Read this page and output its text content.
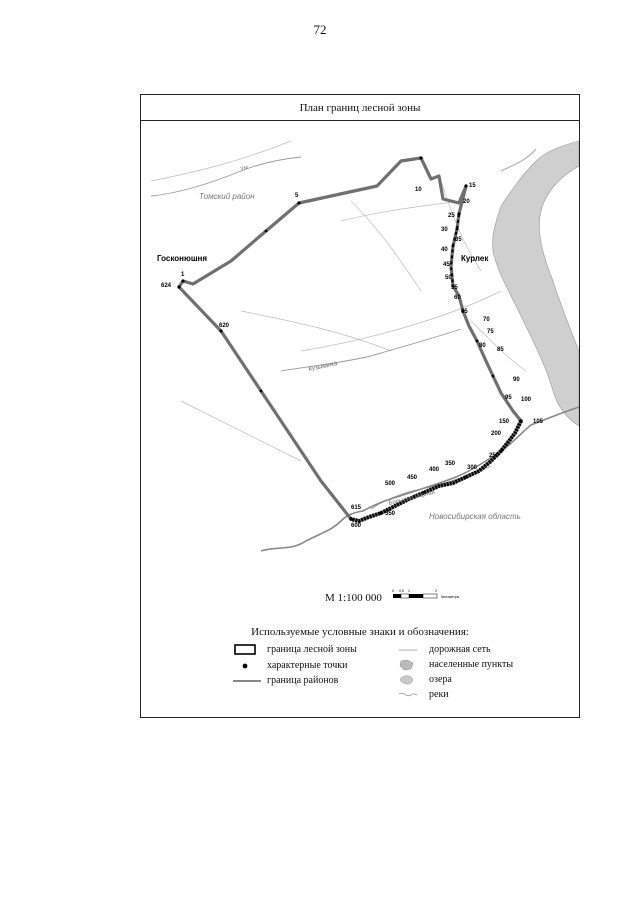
72
План границ лесной зоны
1
5
10
15
20
25
30
35
40
45
50
55
60
65
70
75
80
85
90
95 100
105
150
200
250
300
350
400
450
500
550
600
615
620
624
Томский район
Госконюшня	Курлек
Ум
Кузьманка
Большая Черная
Новосибирская область
М 1:100 000
0 0,5 1	2
Километры
Используемые условные знаки и обозначения:
граница лесной зоны
характерные точки
граница районов
дорожная сеть
населенные пункты
озера
реки
